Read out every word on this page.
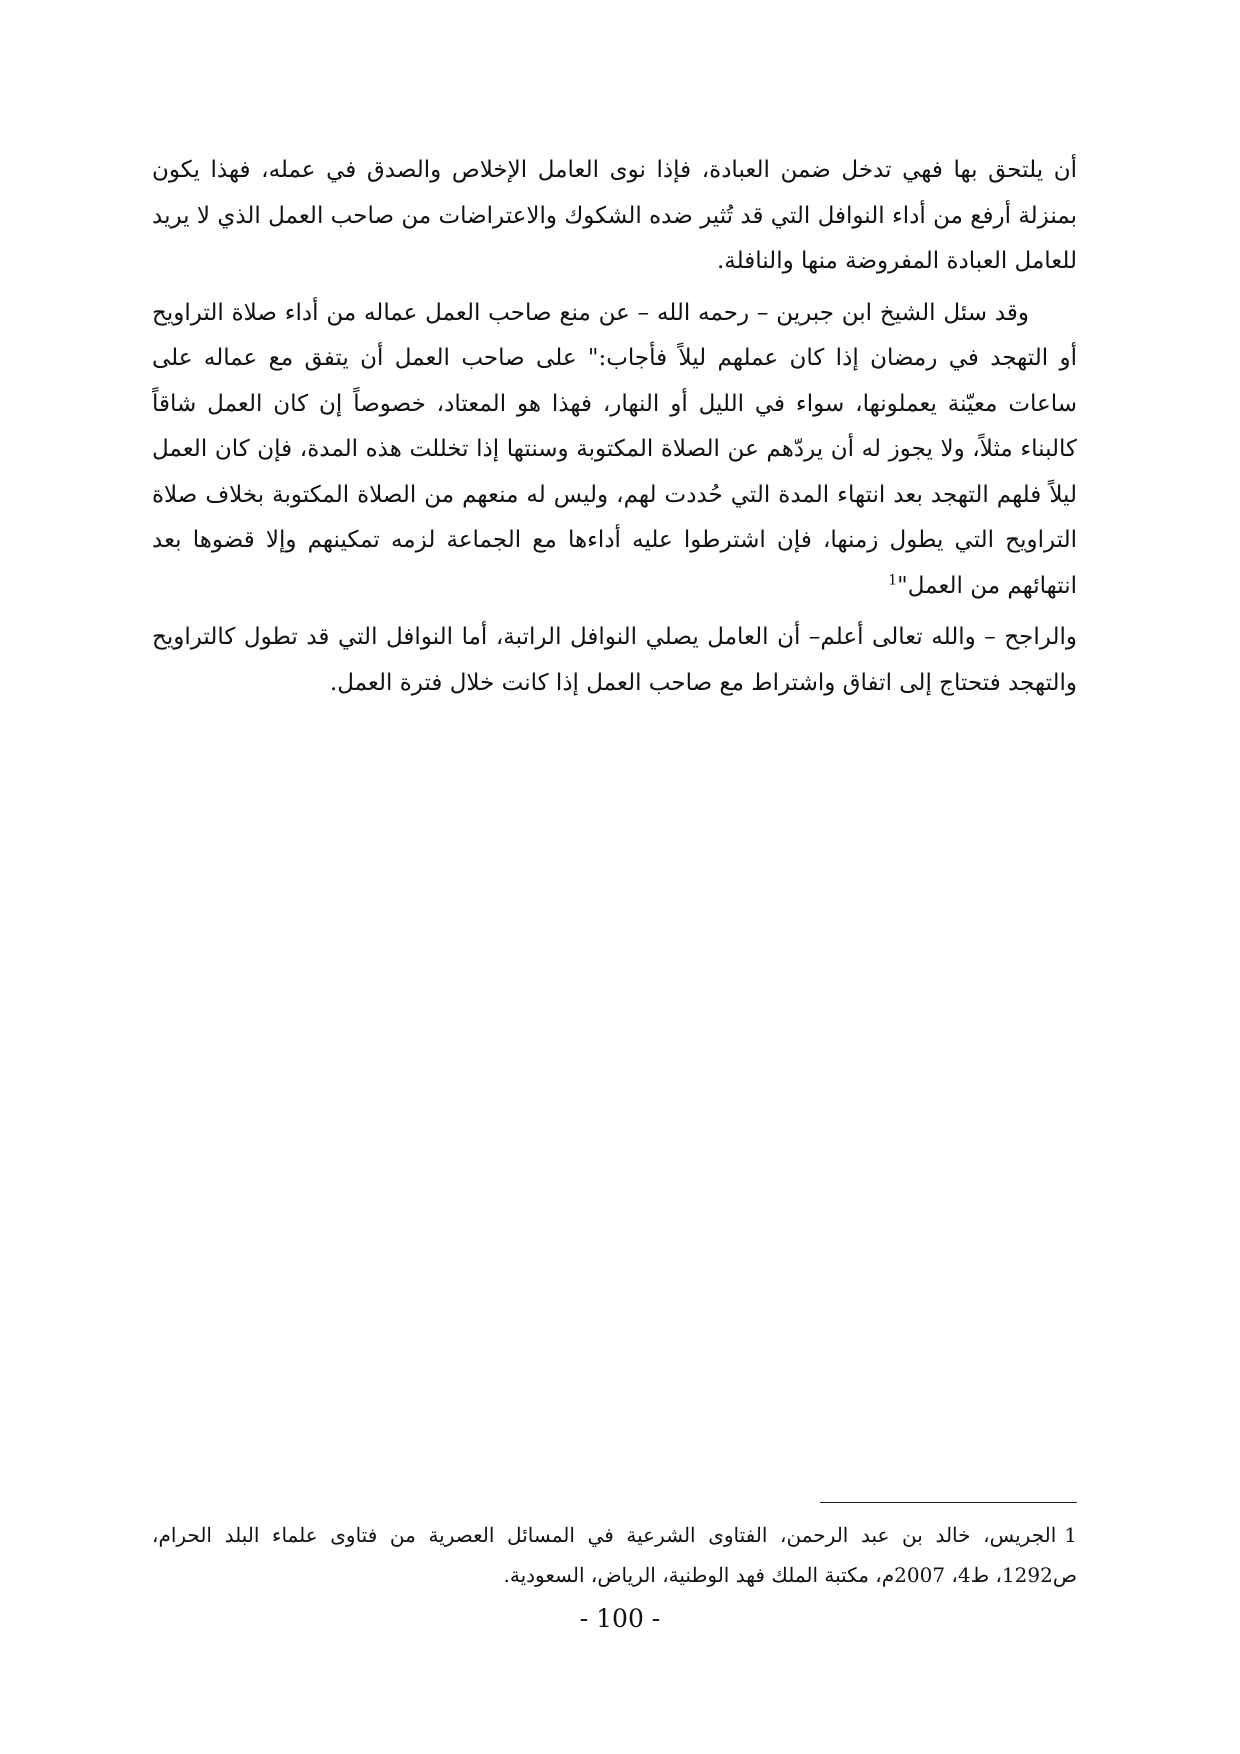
أن يلتحق بها فهي تدخل ضمن العبادة، فإذا نوى العامل الإخلاص والصدق في عمله، فهذا يكون بمنزلة أرفع من أداء النوافل التي قد تُثير ضده الشكوك والاعتراضات من صاحب العمل الذي لا يريد للعامل العبادة المفروضة منها والنافلة.

وقد سئل الشيخ ابن جبرين – رحمه الله – عن منع صاحب العمل عماله من أداء صلاة التراويح أو التهجد في رمضان إذا كان عملهم ليلاً فأجاب:" على صاحب العمل أن يتفق مع عماله على ساعات معيّنة يعملونها، سواء في الليل أو النهار، فهذا هو المعتاد، خصوصاً إن كان العمل شاقاً كالبناء مثلاً، ولا يجوز له أن يردّهم عن الصلاة المكتوبة وسنتها إذا تخللت هذه المدة، فإن كان العمل ليلاً فلهم التهجد بعد انتهاء المدة التي حُددت لهم، وليس له منعهم من الصلاة المكتوبة بخلاف صلاة التراويح التي يطول زمنها، فإن اشترطوا عليه أداءها مع الجماعة لزمه تمكينهم وإلا قضوها بعد انتهائهم من العمل"$^1$

والراجح – والله تعالى أعلم– أن العامل يصلي النوافل الراتبة، أما النوافل التي قد تطول كالتراويح والتهجد فتحتاج إلى اتفاق واشتراط مع صاحب العمل إذا كانت خلال فترة العمل.

1الجريس، خالد بن عبد الرحمن، الفتاوى الشرعية في المسائل العصرية من فتاوى علماء البلد الحرام، ص1292، ط4، 2007م، مكتبة الملك فهد الوطنية، الرياض، السعودية.

- 100 -
